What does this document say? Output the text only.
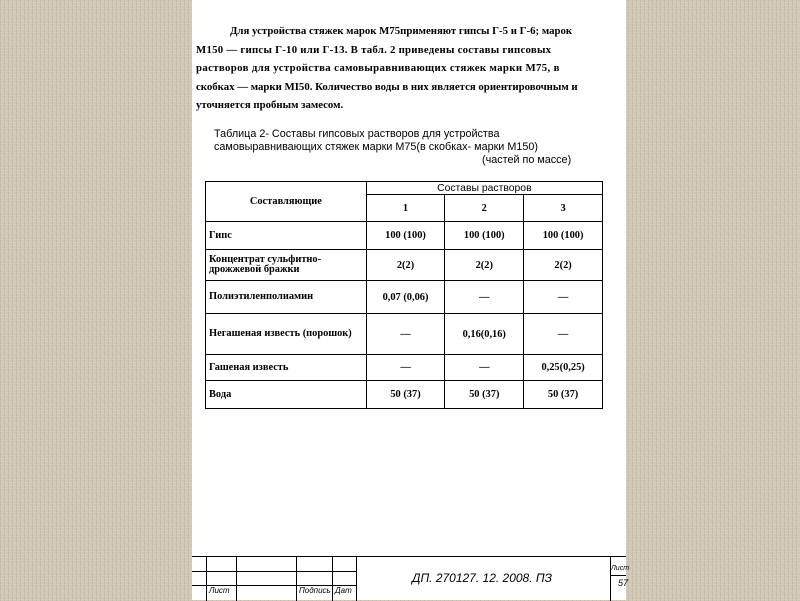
Для устройства стяжек марок М75применяют гипсы Г-5 и Г-6; марок
М150 — гипсы Г-10 или Г-13. В табл. 2 приведены составы гипсовых
растворов для устройства самовыравнивающих стяжек марки М75, в
скобках — марки МI50. Количество воды в них является ориентировочным и
уточняется пробным замесом.
Таблица 2- Составы гипсовых растворов для устройства
самовыравнивающих стяжек марки М75(в скобках- марки М150)
(частей по массе)
Составляющие	Составы растворов		
	1	2	3
Гипс	100 (100)	100 (100)	100 (100)
Концентрат сульфитно-дрожжевой бражки	2(2)	2(2)	2(2)
Полиэтиленполиамин	0,07 (0,06)	—	—
Негашеная известь (порошок)	—	0,16(0,16)	—
Гашеная известь	—	—	0,25(0,25)
Вода	50 (37)	50 (37)	50 (37)
Лист	Подпись Дат
ДП. 270127. 12. 2008. ПЗ
Лист
57
